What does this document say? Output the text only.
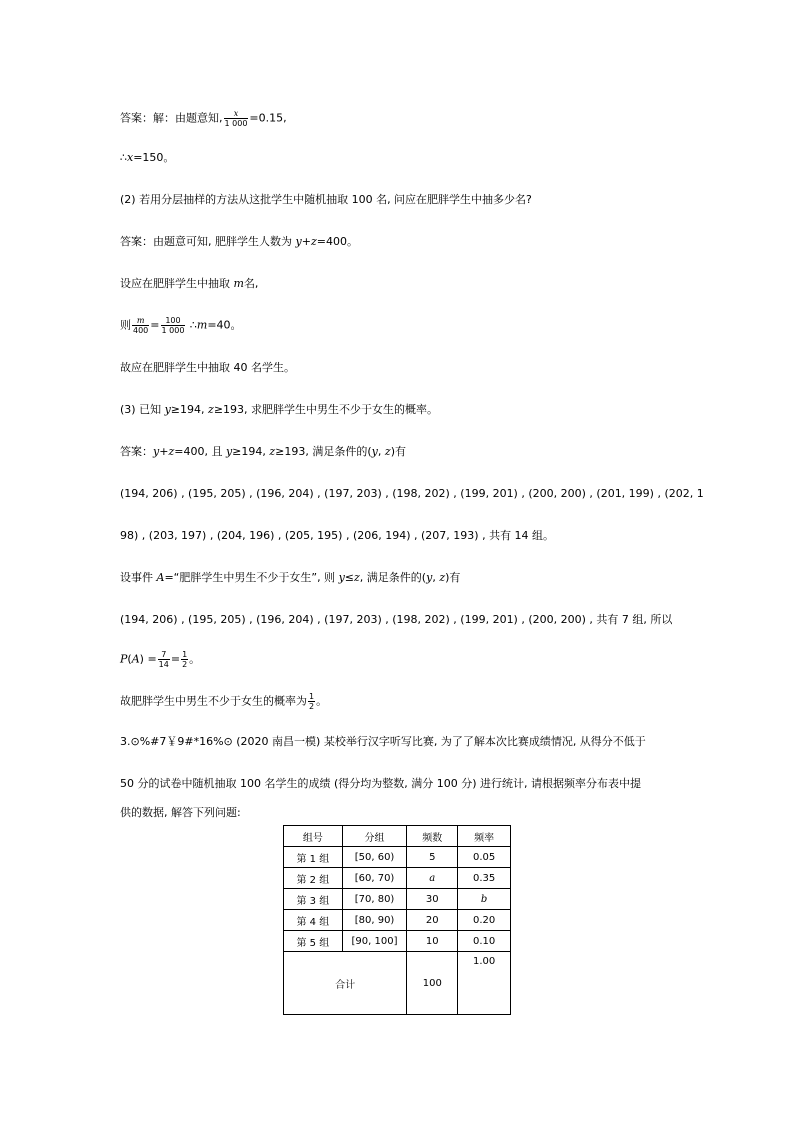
答案：解：由题意知, $\frac{x}{1 000} =0.15$,
∴x=150。
(2) 若用分层抽样的方法从这批学生中随机抽取 100 名, 问应在肥胖学生中抽多少名?
答案：由题意可知, 肥胖学生人数为 y+z=400。
设应在肥胖学生中抽取 m名,
则 $\frac{m}{400} = \frac{100}{1 000}$ ∴m=40。
故应在肥胖学生中抽取 40 名学生。
(3) 已知 y≥194, z≥193, 求肥胖学生中男生不少于女生的概率。
答案：y+z=400, 且 y≥194, z≥193, 满足条件的(y, z)有
(194, 206) , (195, 205) , (196, 204) , (197, 203) , (198, 202) , (199, 201) , (200, 200) , (201, 199) , (202, 1
98) , (203, 197) , (204, 196) , (205, 195) , (206, 194) , (207, 193) , 共有 14 组。
设事件 A=“肥胖学生中男生不少于女生”, 则 y≤z, 满足条件的(y, z)有
(194, 206) , (195, 205) , (196, 204) , (197, 203) , (198, 202) , (199, 201) , (200, 200) , 共有 7 组, 所以
$P(A) = \frac{7}{14} = \frac{1}{2}$ 。
故肥胖学生中男生不少于女生的概率为 $\frac{1}{2}$ 。
3.⊙%#7￥9#*16%⊙ (2020 南昌一模) 某校举行汉字听写比赛, 为了了解本次比赛成绩情况, 从得分不低于
50 分的试卷中随机抽取 100 名学生的成绩 (得分均为整数, 满分 100 分) 进行统计, 请根据频率分布表中提
供的数据, 解答下列问题:
组号	分组	频数	频率
第 1 组	[50, 60)	5	0.05
第 2 组	[60, 70)	a	0.35
第 3 组	[70, 80)	30	b
第 4 组	[80, 90)	20	0.20
第 5 组	[90, 100]	10	0.10
合计		100	1.00
